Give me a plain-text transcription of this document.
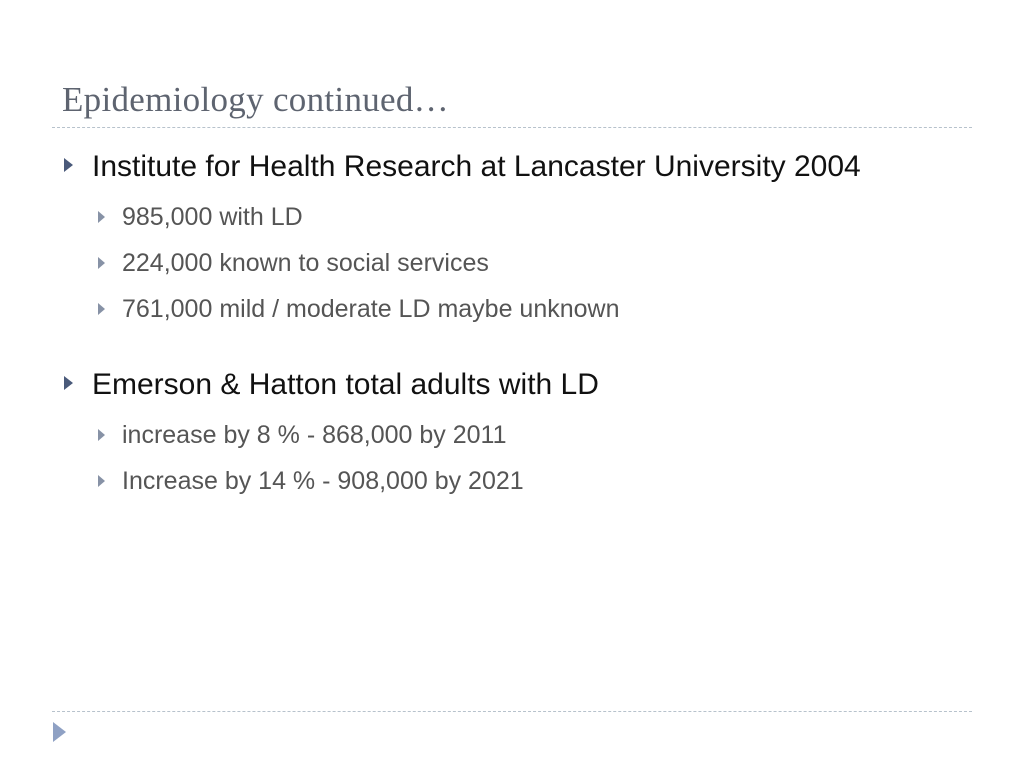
Epidemiology continued…
Institute for Health Research at Lancaster University 2004
985,000 with LD
224,000 known to social services
761,000 mild / moderate LD maybe unknown
Emerson & Hatton total adults with LD
increase by 8 % - 868,000 by 2011
Increase by 14 % - 908,000 by 2021
